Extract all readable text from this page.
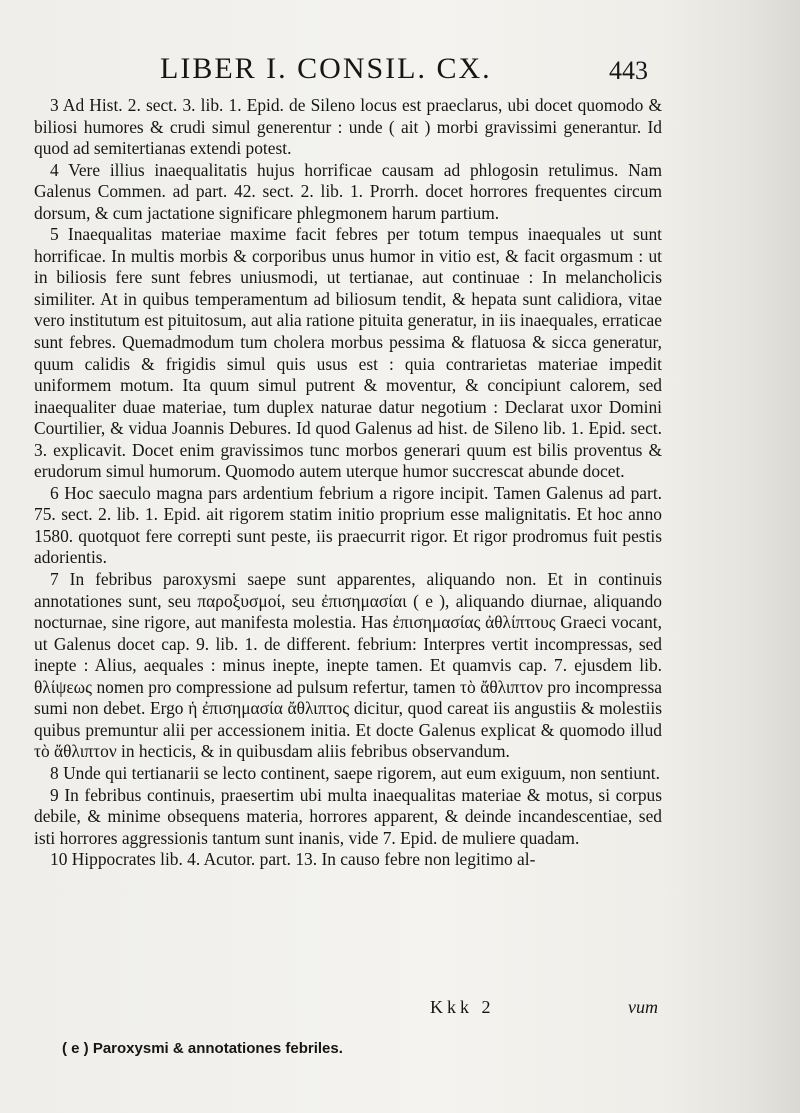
LIBER I. CONSIL. CX.	443

3 Ad Hist. 2. sect. 3. lib. 1. Epid. de Sileno locus est praeclarus, ubi docet quomodo & biliosi humores & crudi simul generentur : unde ( ait ) morbi gravissimi generantur. Id quod ad semitertianas extendi potest.

4 Vere illius inaequalitatis hujus horrificae causam ad phlogosin retulimus. Nam Galenus Commen. ad part. 42. sect. 2. lib. 1. Prorrh. docet horrores frequentes circum dorsum, & cum jactatione significare phlegmonem harum partium.

5 Inaequalitas materiae maxime facit febres per totum tempus inaequales ut sunt horrificae. In multis morbis & corporibus unus humor in vitio est, & facit orgasmum : ut in biliosis fere sunt febres uniusmodi, ut tertianae, aut continuae : In melancholicis similiter. At in quibus temperamentum ad biliosum tendit, & hepata sunt calidiora, vitae vero institutum est pituitosum, aut alia ratione pituita generatur, in iis inaequales, erraticae sunt febres. Quemadmodum tum cholera morbus pessima & flatuosa & sicca generatur, quum calidis & frigidis simul quis usus est : quia contrarietas materiae impedit uniformem motum. Ita quum simul putrent & moventur, & concipiunt calorem, sed inaequaliter duae materiae, tum duplex naturae datur negotium : Declarat uxor Domini Courtilier, & vidua Joannis Debures. Id quod Galenus ad hist. de Sileno lib. 1. Epid. sect. 3. explicavit. Docet enim gravissimos tunc morbos generari quum est bilis proventus & erudorum simul humorum. Quomodo autem uterque humor succrescat abunde docet.

6 Hoc saeculo magna pars ardentium febrium a rigore incipit. Tamen Galenus ad part. 75. sect. 2. lib. 1. Epid. ait rigorem statim initio proprium esse malignitatis. Et hoc anno 1580. quotquot fere correpti sunt peste, iis praecurrit rigor. Et rigor prodromus fuit pestis adorientis.

7 In febribus paroxysmi saepe sunt apparentes, aliquando non. Et in continuis annotationes sunt, seu παροξυσμοί, seu ἐπισημασίαι ( e ), aliquando diurnae, aliquando nocturnae, sine rigore, aut manifesta molestia. Has ἐπισημασίας ἀθλίπτους Graeci vocant, ut Galenus docet cap. 9. lib. 1. de different. febrium: Interpres vertit incompressas, sed inepte : Alius, aequales : minus inepte, inepte tamen. Et quamvis cap. 7. ejusdem lib. θλίψεως nomen pro compressione ad pulsum refertur, tamen τὸ ἄθλιπτον pro incompressa sumi non debet. Ergo ἡ ἐπισημασία ἄθλιπτος dicitur, quod careat iis angustiis & molestiis quibus premuntur alii per accessionem initia. Et docte Galenus explicat & quomodo illud τὸ ἄθλιπτον in hecticis, & in quibusdam aliis febribus observandum.

8 Unde qui tertianarii se lecto continent, saepe rigorem, aut eum exiguum, non sentiunt.

9 In febribus continuis, praesertim ubi multa inaequalitas materiae & motus, si corpus debile, & minime obsequens materia, horrores apparent, & deinde incandescentiae, sed isti horrores aggressionis tantum sunt inanis, vide 7. Epid. de muliere quadam.

10 Hippocrates lib. 4. Acutor. part. 13. In causo febre non legitimo al-

Kkk 2	vum
( e ) Paroxysmi & annotationes febriles.
